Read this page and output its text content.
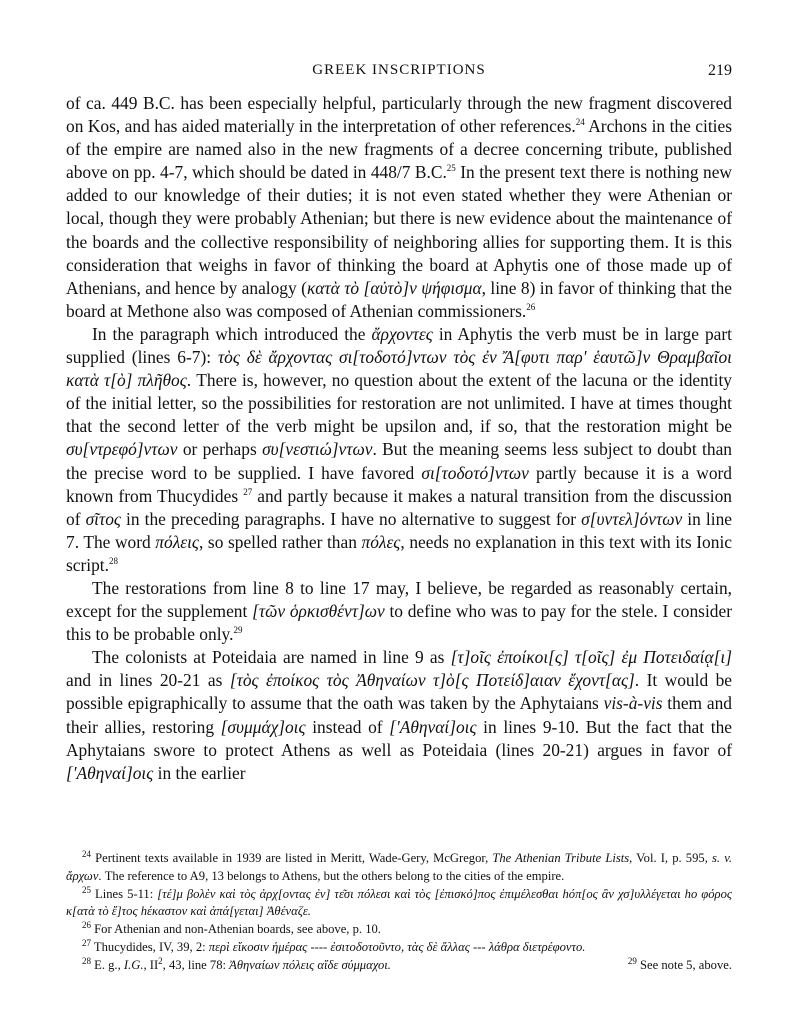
GREEK INSCRIPTIONS	219

of ca. 449 B.C. has been especially helpful, particularly through the new fragment discovered on Kos, and has aided materially in the interpretation of other references.$^{24}$ Archons in the cities of the empire are named also in the new fragments of a decree concerning tribute, published above on pp. 4-7, which should be dated in 448/7 B.C.$^{25}$ In the present text there is nothing new added to our knowledge of their duties; it is not even stated whether they were Athenian or local, though they were probably Athenian; but there is new evidence about the maintenance of the boards and the collective responsibility of neighboring allies for supporting them. It is this consideration that weighs in favor of thinking the board at Aphytis one of those made up of Athenians, and hence by analogy (κατὰ τὸ [αὐτὸ]ν ψήφισμα, line 8) in favor of thinking that the board at Methone also was composed of Athenian commissioners.$^{26}$

In the paragraph which introduced the ἄρχοντες in Aphytis the verb must be in large part supplied (lines 6-7): τὸς δὲ ἄρχοντας σι[τοδοτό]ντων τὸς ἐν Ἄ[φυτι παρ' ἑαυτῶ]ν Θραμβαῖοι κατὰ τ[ὸ] πλῆθος. There is, however, no question about the extent of the lacuna or the identity of the initial letter, so the possibilities for restoration are not unlimited. I have at times thought that the second letter of the verb might be upsilon and, if so, that the restoration might be συ[ντρεφό]ντων or perhaps συ[νεστιώ]ντων. But the meaning seems less subject to doubt than the precise word to be supplied. I have favored σι[τοδοτό]ντων partly because it is a word known from Thucydides $^{27}$ and partly because it makes a natural transition from the discussion of σῖτος in the preceding paragraphs. I have no alternative to suggest for σ[υντελ]όντων in line 7. The word πόλεις, so spelled rather than πόλες, needs no explanation in this text with its Ionic script.$^{28}$

The restorations from line 8 to line 17 may, I believe, be regarded as reasonably certain, except for the supplement [τῶν ὁρκισθέντ]ων to define who was to pay for the stele. I consider this to be probable only.$^{29}$

The colonists at Poteidaia are named in line 9 as [τ]οῖς ἐποίκοι[ς] τ[οῖς] ἐμ Ποτειδαίᾳ[ι] and in lines 20-21 as [τὸς ἐποίκος τὸς Ἀθηναίων τ]ὸ[ς Ποτείδ]αιαν ἔχοντ[ας]. It would be possible epigraphically to assume that the oath was taken by the Aphytaians vis-à-vis them and their allies, restoring [συμμάχ]οις instead of ['Αθηναί]οις in lines 9-10. But the fact that the Aphytaians swore to protect Athens as well as Poteidaia (lines 20-21) argues in favor of ['Αθηναί]οις in the earlier

$^{24}$ Pertinent texts available in 1939 are listed in Meritt, Wade-Gery, McGregor, The Athenian Tribute Lists, Vol. I, p. 595, s. v. ἄρχων. The reference to A9, 13 belongs to Athens, but the others belong to the cities of the empire.

$^{25}$ Lines 5-11: [τέ]μ βολὲν καὶ τὸς ἀρχ[οντας ἐν] τε͂σι πόλεσι καὶ τὸς [ἐπισκό]πος ἐπιμέλεσθαι hόπ[ος ἂν χσ]υλλέγεται hο φόρος κ[ατὰ τὸ ἔ]τος hέκαστον καὶ ἀπά[γεται] Ἀθέναζε.

$^{26}$ For Athenian and non-Athenian boards, see above, p. 10.

$^{27}$ Thucydides, IV, 39, 2: περὶ εἴκοσιν ἡμέρας ---- ἐσιτοδοτοῦντο, τὰς δὲ ἄλλας --- λάθρα διετρέφοντο.

$^{28}$ E. g., I.G., $II^2$, 43, line 78: Ἀθηναίων πόλεις αἵδε σύμμαχοι.	$^{29}$ See note 5, above.
